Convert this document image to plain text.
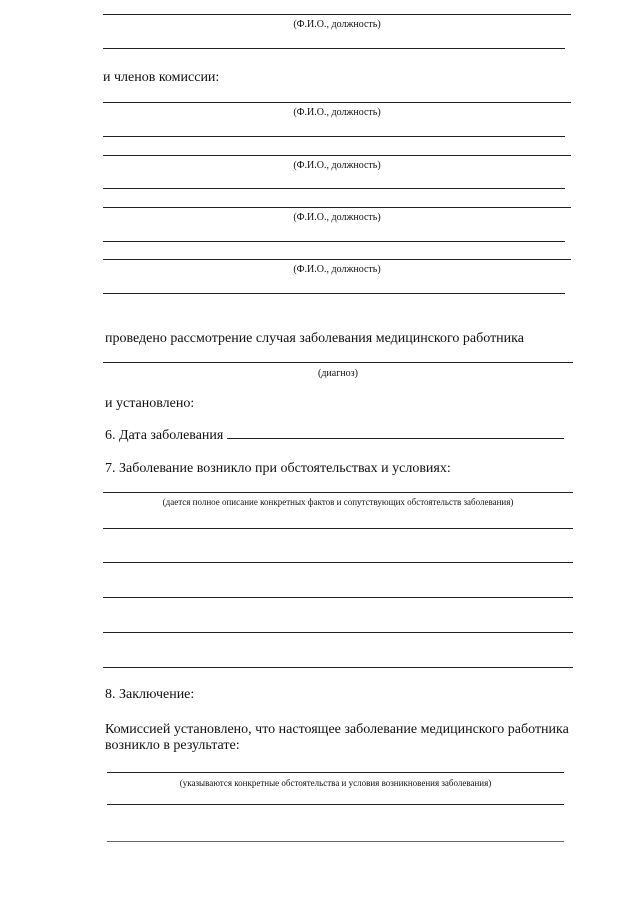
(Ф.И.О., должность)
и членов комиссии:
(Ф.И.О., должность)
(Ф.И.О., должность)
(Ф.И.О., должность)
(Ф.И.О., должность)
проведено рассмотрение случая заболевания медицинского работника
(диагноз)
и установлено:
6. Дата заболевания
7. Заболевание возникло при обстоятельствах и условиях:
(дается полное описание конкретных фактов и сопутствующих обстоятельств заболевания)
8. Заключение:
Комиссией установлено, что настоящее заболевание медицинского работника
возникло в результате:
(указываются конкретные обстоятельства и условия возникновения заболевания)
